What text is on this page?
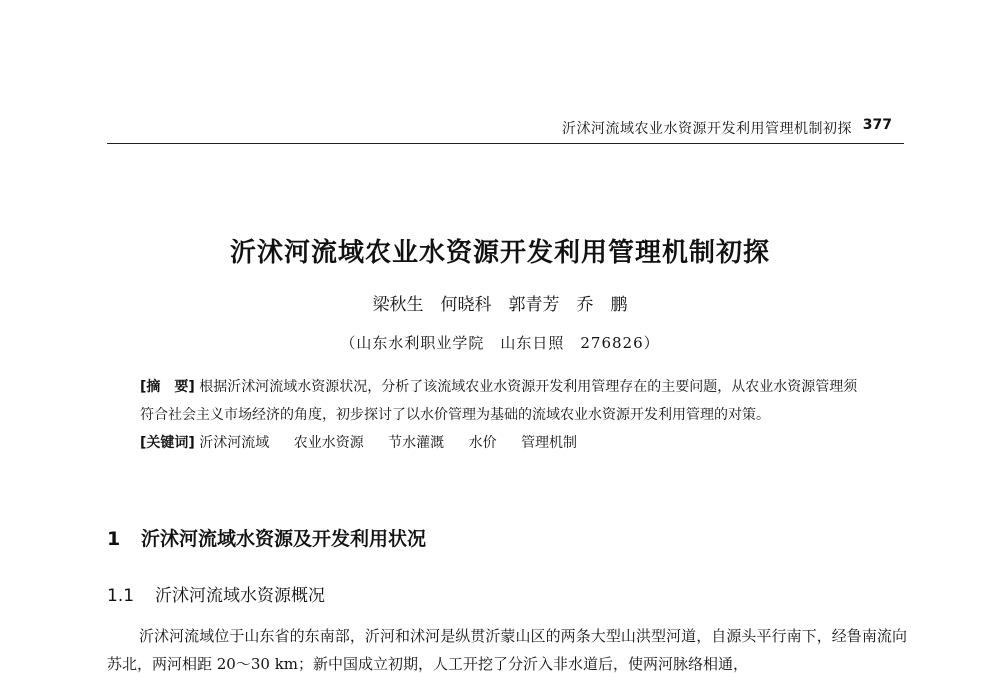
沂沭河流域农业水资源开发利用管理机制初探 377
沂沭河流域农业水资源开发利用管理机制初探
梁秋生　何晓科　郭青芳　乔　鹏
（山东水利职业学院　山东日照　276826）
[摘　要] 根据沂沭河流域水资源状况，分析了该流域农业水资源开发利用管理存在的主要问题，从农业水资源管理须符合社会主义市场经济的角度，初步探讨了以水价管理为基础的流域农业水资源开发利用管理的对策。
[关键词] 沂沭河流域 农业水资源 节水灌溉 水价 管理机制
1 沂沭河流域水资源及开发利用状况
1.1 沂沭河流域水资源概况
沂沭河流域位于山东省的东南部，沂河和沭河是纵贯沂蒙山区的两条大型山洪型河道，自源头平行南下，经鲁南流向苏北，两河相距 20～30 km；新中国成立初期，人工开挖了分沂入非水道后，使两河脉络相通，
